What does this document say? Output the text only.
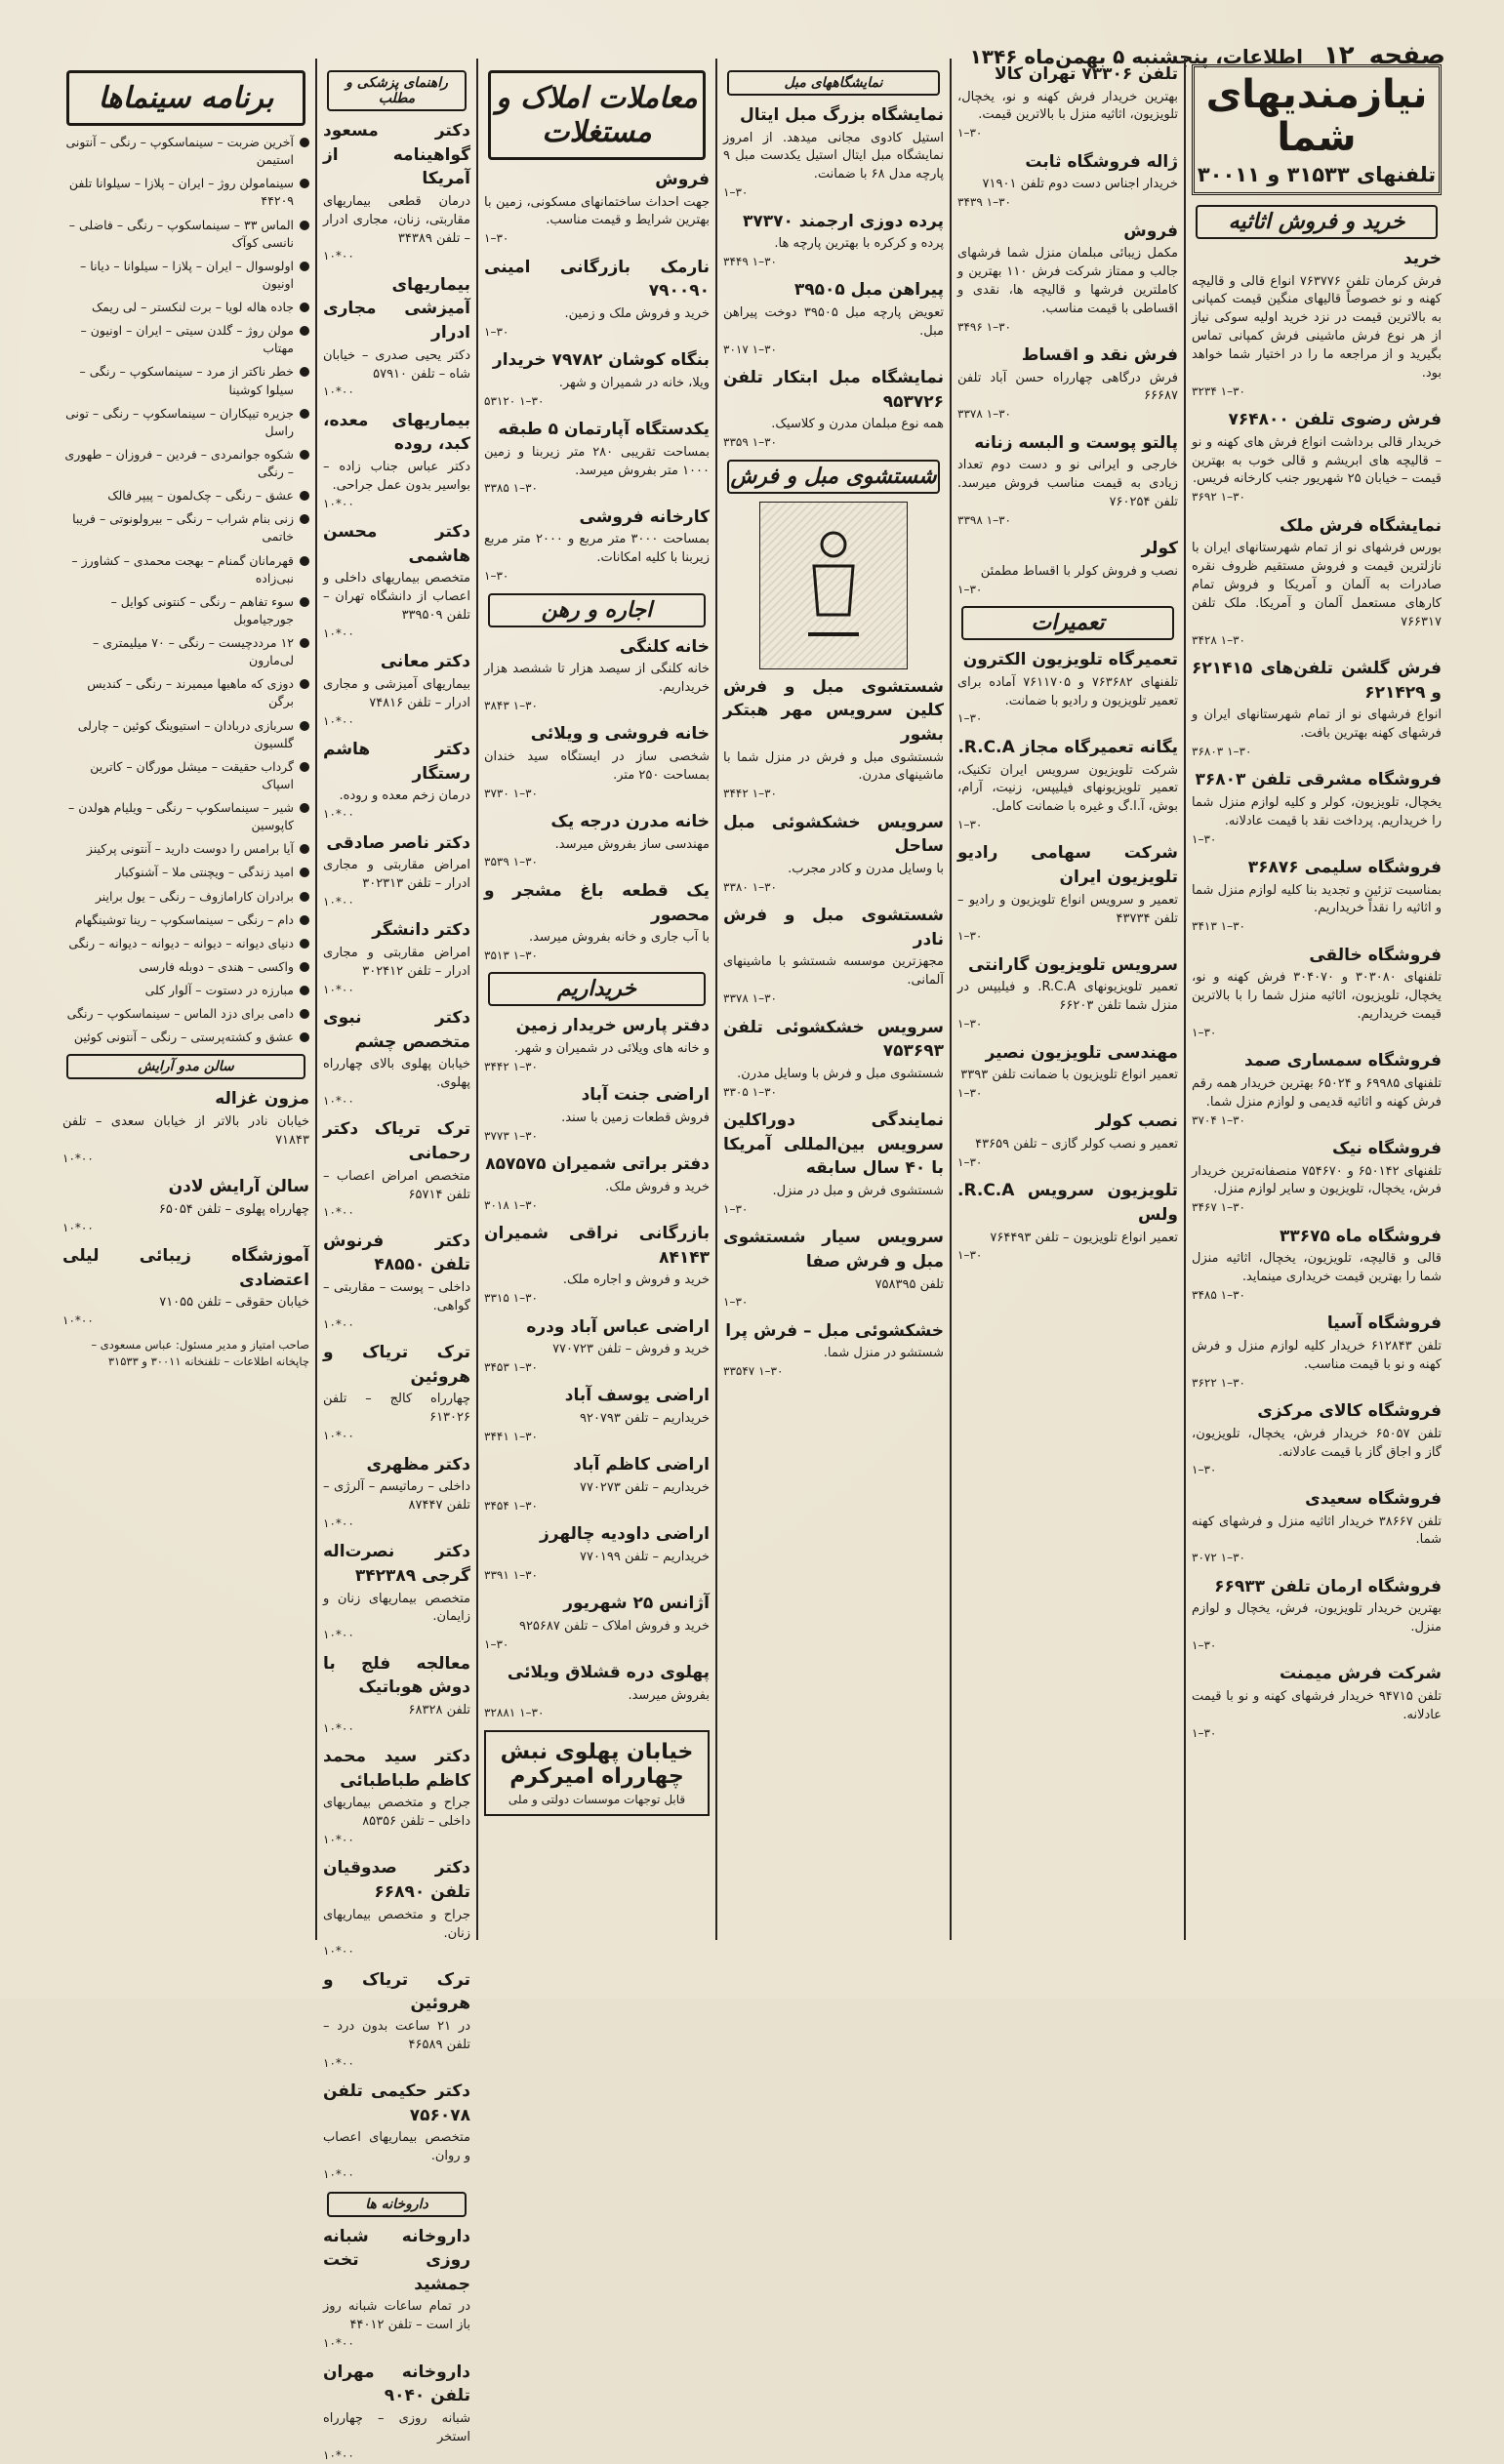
صفحه ۱۲ اطلاعات، پنجشنبه ۵ بهمن‌ماه ۱۳۴۶
نیازمندیهای شما
تلفنهای ۳۱۵۳۳ و ۳۰۰۱۱
خرید و فروش اثاثیه
خرید
فرش کرمان تلفن ۷۶۳۷۷۶ انواع قالی و قالیچه کهنه و نو خصوصاً قالیهای منگین قیمت کمپانی به بالاترین قیمت در نزد خرید اولیه سوکی نیاز از هر نوع فرش ماشینی فرش کمپانی تماس بگیرید و از مراجعه ما را در اختیار شما خواهد بود.
۳۰–۱ ۳۲۳۴
فرش رضوی تلفن ۷۶۴۸۰۰
خریدار قالی برداشت انواع فرش های کهنه و نو – قالیچه های ابریشم و قالی خوب به بهترین قیمت – خیابان ۲۵ شهریور جنب کارخانه فریس.
۳۰–۱ ۳۶۹۲
نمایشگاه فرش ملک
بورس فرشهای نو از تمام شهرستانهای ایران با نازلترین قیمت و فروش مستقیم ظروف نقره صادرات به آلمان و آمریکا و فروش تمام کارهای مستعمل آلمان و آمریکا. ملک تلفن ۷۶۶۳۱۷
۳۰–۱ ۳۴۲۸
فرش گلشن تلفن‌های ۶۲۱۴۱۵ و ۶۲۱۴۲۹
انواع فرشهای نو از تمام شهرستانهای ایران و فرشهای کهنه بهترین بافت.
۳۰–۱ ۳۶۸۰۳
فروشگاه مشرقی تلفن ۳۶۸۰۳
یخچال، تلویزیون، کولر و کلیه لوازم منزل شما را خریداریم. پرداخت نقد با قیمت عادلانه.
۳۰–۱
فروشگاه سلیمی ۳۶۸۷۶
بمناسبت تزئین و تجدید بنا کلیه لوازم منزل شما و اثاثیه را نقداً خریداریم.
۳۰–۱ ۳۴۱۳
فروشگاه خالقی
تلفنهای ۳۰۳۰۸۰ و ۳۰۴۰۷۰ فرش کهنه و نو، یخچال، تلویزیون، اثاثیه منزل شما را با بالاترین قیمت خریداریم.
۳۰–۱
فروشگاه سمساری صمد
تلفنهای ۶۹۹۸۵ و ۶۵۰۲۴ بهترین خریدار همه رقم فرش کهنه و اثاثیه قدیمی و لوازم منزل شما.
۳۰–۱ ۳۷۰۴
فروشگاه نیک
تلفنهای ۶۵۰۱۴۲ و ۷۵۴۶۷۰ منصفانه‌ترین خریدار فرش، یخچال، تلویزیون و سایر لوازم منزل.
۳۰–۱ ۳۴۶۷
فروشگاه ماه ۳۳۶۷۵
قالی و قالیچه، تلویزیون، یخچال، اثاثیه منزل شما را بهترین قیمت خریداری مینماید.
۳۰–۱ ۳۴۸۵
فروشگاه آسیا
تلفن ۶۱۲۸۴۳ خریدار کلیه لوازم منزل و فرش کهنه و نو با قیمت مناسب.
۳۰–۱ ۳۶۲۲
فروشگاه کالای مرکزی
تلفن ۶۵۰۵۷ خریدار فرش، یخچال، تلویزیون، گاز و اجاق گاز با قیمت عادلانه.
۳۰–۱
فروشگاه سعیدی
تلفن ۳۸۶۶۷ خریدار اثاثیه منزل و فرشهای کهنه شما.
۳۰–۱ ۳۰۷۲
فروشگاه ارمان تلفن ۶۶۹۳۳
بهترین خریدار تلویزیون، فرش، یخچال و لوازم منزل.
۳۰–۱
شرکت فرش میمنت
تلفن ۹۴۷۱۵ خریدار فرشهای کهنه و نو با قیمت عادلانه.
۳۰–۱
تلفن ۷۳۳۰۶ تهران کالا
بهترین خریدار فرش کهنه و نو، یخچال، تلویزیون، اثاثیه منزل با بالاترین قیمت.
۳۰–۱
ژاله فروشگاه ثابت
خریدار اجناس دست دوم تلفن ۷۱۹۰۱
۳۰–۱ ۳۴۳۹
فروش
مکمل زیبائی مبلمان منزل شما فرشهای جالب و ممتاز شرکت فرش ۱۱۰ بهترین و کاملترین فرشها و قالیچه ها، نقدی و اقساطی با قیمت مناسب.
۳۰–۱ ۳۴۹۶
فرش نقد و اقساط
فرش درگاهی چهارراه حسن آباد تلفن ۶۶۶۸۷
۳۰–۱ ۳۳۷۸
پالتو پوست و البسه زنانه
خارجی و ایرانی نو و دست دوم تعداد زیادی به قیمت مناسب فروش میرسد. تلفن ۷۶۰۲۵۴
۳۰–۱ ۳۳۹۸
کولر
نصب و فروش کولر با اقساط مطمئن
۳۰–۱
تعمیرات
تعمیرگاه تلویزیون الکترون
تلفنهای ۷۶۳۶۸۲ و ۷۶۱۱۷۰۵ آماده برای تعمیر تلویزیون و رادیو با ضمانت.
۳۰–۱
یگانه تعمیرگاه مجاز R.C.A.
شرکت تلویزیون سرویس ایران تکنیک، تعمیر تلویزیونهای فیلیپس، زنیت، آرام، بوش، آ.ا.گ و غیره با ضمانت کامل.
۳۰–۱
شرکت سهامی رادیو تلویزیون ایران
تعمیر و سرویس انواع تلویزیون و رادیو – تلفن ۴۳۷۳۴
۳۰–۱
سرویس تلویزیون گارانتی
تعمیر تلویزیونهای R.C.A. و فیلیپس در منزل شما تلفن ۶۶۲۰۳
۳۰–۱
مهندسی تلویزیون نصیر
تعمیر انواع تلویزیون با ضمانت تلفن ۳۳۹۳
۳۰–۱
نصب کولر
تعمیر و نصب کولر گازی – تلفن ۴۳۶۵۹
۳۰–۱
تلویزیون سرویس R.C.A. ولس
تعمیر انواع تلویزیون – تلفن ۷۶۴۴۹۳
۳۰–۱
نمایشگاههای مبل
نمایشگاه بزرگ مبل ایتال
استیل کادوی مجانی میدهد. از امروز نمایشگاه مبل ایتال استیل یکدست مبل ۹ پارچه مدل ۶۸ با ضمانت.
۳۰–۱
پرده دوزی ارجمند ۳۷۳۷۰
پرده و کرکره با بهترین پارچه ها.
۳۰–۱ ۳۴۴۹
پیراهن مبل ۳۹۵۰۵
تعویض پارچه مبل ۳۹۵۰۵ دوخت پیراهن مبل.
۳۰–۱ ۳۰۱۷
نمایشگاه مبل ابتکار تلفن ۹۵۳۷۲۶
همه نوع مبلمان مدرن و کلاسیک.
۳۰–۱ ۳۳۵۹
شستشوی مبل و فرش
شستشوی مبل و فرش کلین سرویس مهر هبتکر بشور
شستشوی مبل و فرش در منزل شما با ماشینهای مدرن.
۳۰–۱ ۳۴۴۲
سرویس خشکشوئی مبل ساحل
با وسایل مدرن و کادر مجرب.
۳۰–۱ ۳۳۸۰
شستشوی مبل و فرش نادر
مجهزترین موسسه شستشو با ماشینهای آلمانی.
۳۰–۱ ۳۳۷۸
سرویس خشکشوئی تلفن ۷۵۳۶۹۳
شستشوی مبل و فرش با وسایل مدرن.
۳۰–۱ ۳۳۰۵
نمایندگی دوراکلین سرویس بین‌المللی آمریکا با ۴۰ سال سابقه
شستشوی فرش و مبل در منزل.
۳۰–۱
سرویس سیار شستشوی مبل و فرش صفا
تلفن ۷۵۸۳۹۵
۳۰–۱
خشکشوئی مبل – فرش پرا
شستشو در منزل شما.
۳۰–۱ ۳۳۵۴۷
معاملات املاک و مستغلات
فروش
جهت احداث ساختمانهای مسکونی، زمین با بهترین شرایط و قیمت مناسب.
۳۰–۱
نارمک بازرگانی امینی ۷۹۰۰۹۰
خرید و فروش ملک و زمین.
۳۰–۱
بنگاه کوشان ۷۹۷۸۲ خریدار
ویلا، خانه در شمیران و شهر.
۳۰–۱ ۵۳۱۲۰
یکدستگاه آپارتمان ۵ طبقه
بمساحت تقریبی ۲۸۰ متر زیربنا و زمین ۱۰۰۰ متر بفروش میرسد.
۳۰–۱ ۳۳۸۵
کارخانه فروشی
بمساحت ۳۰۰۰ متر مربع و ۲۰۰۰ متر مربع زیربنا با کلیه امکانات.
۳۰–۱
اجاره و رهن
خانه کلنگی
خانه کلنگی از سیصد هزار تا ششصد هزار خریداریم.
۳۰–۱ ۳۸۴۳
خانه فروشی و ویلائی
شخصی ساز در ایستگاه سید خندان بمساحت ۲۵۰ متر.
۳۰–۱ ۳۷۳۰
خانه مدرن درجه یک
مهندسی ساز بفروش میرسد.
۳۰–۱ ۳۵۳۹
یک قطعه باغ مشجر و محصور
با آب جاری و خانه بفروش میرسد.
۳۰–۱ ۳۵۱۳
خریداریم
دفتر پارس خریدار زمین
و خانه های ویلائی در شمیران و شهر.
۳۰–۱ ۳۴۴۲
اراضی جنت آباد
فروش قطعات زمین با سند.
۳۰–۱ ۳۷۷۳
دفتر براتی شمیران ۸۵۷۵۷۵
خرید و فروش ملک.
۳۰–۱ ۳۰۱۸
بازرگانی نراقی شمیران ۸۴۱۴۳
خرید و فروش و اجاره ملک.
۳۰–۱ ۳۳۱۵
اراضی عباس آباد ودره
خرید و فروش – تلفن ۷۷۰۷۲۳
۳۰–۱ ۳۴۵۳
اراضی یوسف آباد
خریداریم – تلفن ۹۲۰۷۹۳
۳۰–۱ ۳۴۴۱
اراضی کاظم آباد
خریداریم – تلفن ۷۷۰۲۷۳
۳۰–۱ ۳۴۵۴
اراضی داودیه چالهرز
خریداریم – تلفن ۷۷۰۱۹۹
۳۰–۱ ۳۳۹۱
آژانس ۲۵ شهریور
خرید و فروش املاک – تلفن ۹۲۵۶۸۷
۳۰–۱
پهلوی دره قشلاق ویلائی
بفروش میرسد.
۳۰–۱ ۳۲۸۸۱
خیابان پهلوی نبش چهارراه امیرکرم
قابل توجهات موسسات دولتی و ملی
راهنمای پزشکی و مطلب
دکتر مسعود گواهینامه از آمریکا
درمان قطعی بیماریهای مقاربتی، زنان، مجاری ادرار – تلفن ۳۴۳۸۹
۰۰*۱۰
بیماریهای آمیزشی مجاری ادرار
دکتر یحیی صدری – خیابان شاه – تلفن ۵۷۹۱۰
۰۰*۱۰
بیماریهای معده، کبد، روده
دکتر عباس جناب زاده – بواسیر بدون عمل جراحی.
۰۰*۱۰
دکتر محسن هاشمی
متخصص بیماریهای داخلی و اعصاب از دانشگاه تهران – تلفن ۳۳۹۵۰۹
۰۰*۱۰
دکتر معانی
بیماریهای آمیزشی و مجاری ادرار – تلفن ۷۴۸۱۶
۰۰*۱۰
دکتر هاشم رستگار
درمان زخم معده و روده.
۰۰*۱۰
دکتر ناصر صادقی
امراض مقاربتی و مجاری ادرار – تلفن ۳۰۲۳۱۳
۰۰*۱۰
دکتر دانشگر
امراض مقاربتی و مجاری ادرار – تلفن ۳۰۲۴۱۲
۰۰*۱۰
دکتر نبوی متخصص چشم
خیابان پهلوی بالای چهارراه پهلوی.
۰۰*۱۰
ترک تریاک دکتر رحمانی
متخصص امراض اعصاب – تلفن ۶۵۷۱۴
۰۰*۱۰
دکتر فرنوش تلفن ۴۸۵۵۰
داخلی – پوست – مقاربتی – گواهی.
۰۰*۱۰
ترک تریاک و هروئین
چهارراه کالج – تلفن ۶۱۳۰۲۶
۰۰*۱۰
دکتر مظهری
داخلی – رماتیسم – آلرژی – تلفن ۸۷۴۴۷
۰۰*۱۰
دکتر نصرت‌اله گرجی ۳۴۲۳۸۹
متخصص بیماریهای زنان و زایمان.
۰۰*۱۰
معالجه فلج با دوش هوباتیک
تلفن ۶۸۳۲۸
۰۰*۱۰
دکتر سید محمد کاظم طباطبائی
جراح و متخصص بیماریهای داخلی – تلفن ۸۵۳۵۶
۰۰*۱۰
دکتر صدوقیان تلفن ۶۶۸۹۰
جراح و متخصص بیماریهای زنان.
۰۰*۱۰
ترک تریاک و هروئین
در ۲۱ ساعت بدون درد – تلفن ۴۶۵۸۹
۰۰*۱۰
دکتر حکیمی تلفن ۷۵۶۰۷۸
متخصص بیماریهای اعصاب و روان.
۰۰*۱۰
داروخانه ها
داروخانه شبانه روزی تخت جمشید
در تمام ساعات شبانه روز باز است – تلفن ۴۴۰۱۲
۰۰*۱۰
داروخانه مهران تلفن ۹۰۴۰
شبانه روزی – چهارراه استخر
۰۰*۱۰
برنامه سینماها
آخرین ضربت – سینماسکوپ – رنگی – آنتونی استیمن
سینمامولن روژ – ایران – پلازا – سیلوانا تلفن ۴۴۲۰۹
الماس ۳۳ – سینماسکوپ – رنگی – فاضلی – نانسی کوآک
اولوسوال – ایران – پلازا – سیلوانا – دیانا – اونیون
جاده هاله لویا – برت لنکستر – لی‌ ریمک
مولن روژ – گلدن سیتی – ایران – اونیون – مهتاب
خطر ناکتر از مرد – سینماسکوپ – رنگی – سیلوا کوشینا
جزیره تیپکاران – سینماسکوپ – رنگی – تونی راسل
شکوه جوانمردی – فردین – فروزان – طهوری – رنگی
عشق – رنگی – چک‌لمون – پیپر فالک
زنی بنام شراب – رنگی – بیرولونوتی – فریبا خاتمی
قهرمانان گمنام – بهجت محمدی – کشاورز – نبی‌زاده
سوء تفاهم – رنگی – کنتونی کوایل – جورجیاموبل
۱۲ مرددچیست – رنگی – ۷۰ میلیمتری – لی‌مارون
دوزی که ماهیها میمیرند – رنگی – کندیس برگن
سربازی دربادان – استیوینگ کوئین – چارلی گلسیون
گرداب حقیقت – میشل مورگان – کاترین اسپاک
شیر – سینماسکوپ – رنگی – ویلیام هولدن – کاپوسین
آیا برامس را دوست دارید – آنتونی پرکینز
امید زندگی – ویچنتی ملا – آشنوکبار
برادران کارامازوف – رنگی – یول براینر
دام – رنگی – سینماسکوپ – رینا توشینگهام
دنیای دیوانه – دیوانه – دیوانه – دیوانه – رنگی
واکسی – هندی – دوبله فارسی
مبارزه در دستوت – آلوار کلی
دامی برای دزد الماس – سینماسکوپ – رنگی
عشق و کشته‌پرستی – رنگی – آنتونی کوئین
سالن مدو آرایش
مزون غزاله
خیابان نادر بالاتر از خیابان سعدی – تلفن ۷۱۸۴۳
۰۰*۱۰
سالن آرایش لادن
چهارراه پهلوی – تلفن ۶۵۰۵۴
۰۰*۱۰
آموزشگاه زیبائی لیلی اعتضادی
خیابان حقوقی – تلفن ۷۱۰۵۵
۰۰*۱۰
صاحب امتیاز و مدیر مسئول: عباس مسعودی – چاپخانه اطلاعات – تلفنخانه ۳۰۰۱۱ و ۳۱۵۳۳
